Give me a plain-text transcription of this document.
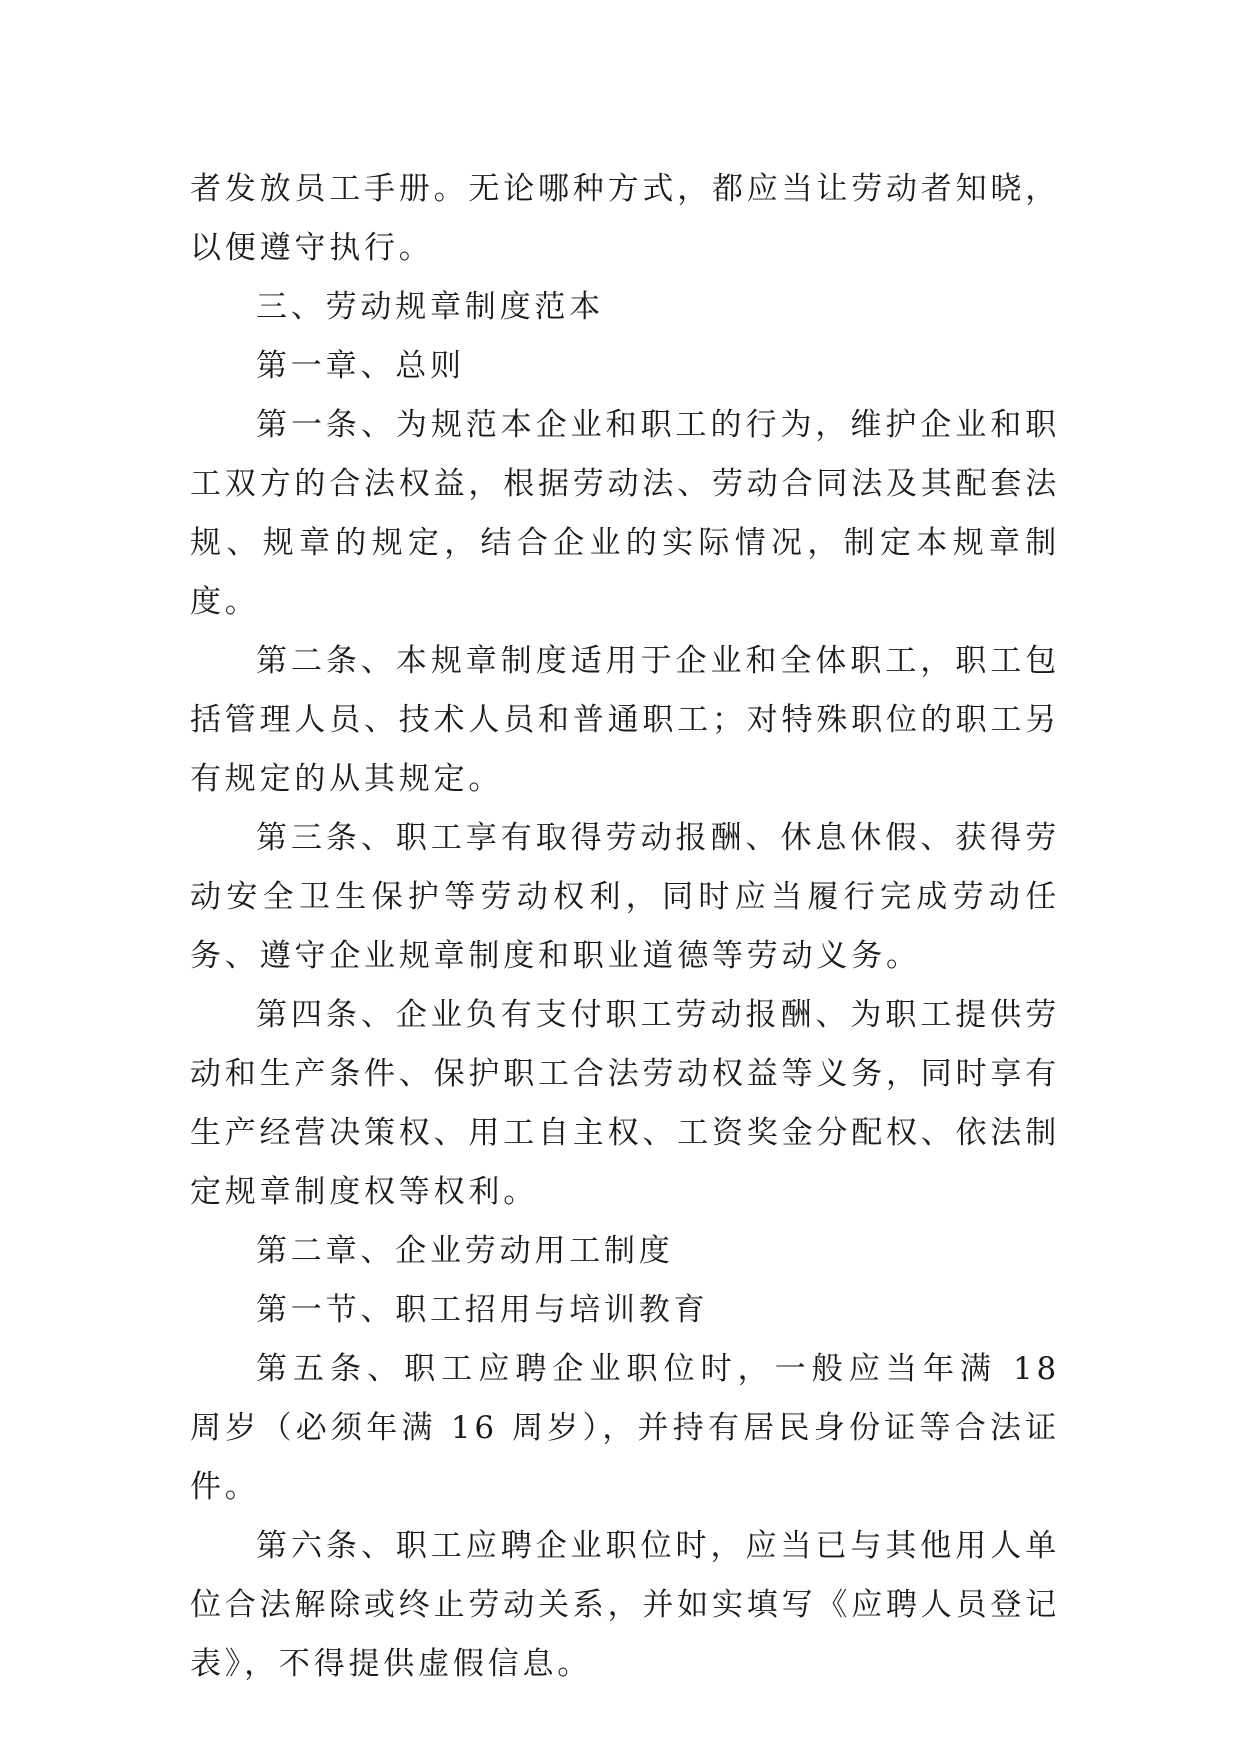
者发放员工手册。无论哪种方式，都应当让劳动者知晓，以便遵守执行。

三、劳动规章制度范本

第一章、总则

第一条、为规范本企业和职工的行为，维护企业和职工双方的合法权益，根据劳动法、劳动合同法及其配套法规、规章的规定，结合企业的实际情况，制定本规章制度。

第二条、本规章制度适用于企业和全体职工，职工包括管理人员、技术人员和普通职工；对特殊职位的职工另有规定的从其规定。

第三条、职工享有取得劳动报酬、休息休假、获得劳动安全卫生保护等劳动权利，同时应当履行完成劳动任务、遵守企业规章制度和职业道德等劳动义务。

第四条、企业负有支付职工劳动报酬、为职工提供劳动和生产条件、保护职工合法劳动权益等义务，同时享有生产经营决策权、用工自主权、工资奖金分配权、依法制定规章制度权等权利。

第二章、企业劳动用工制度

第一节、职工招用与培训教育

第五条、职工应聘企业职位时，一般应当年满 18 周岁（必须年满 16 周岁），并持有居民身份证等合法证件。

第六条、职工应聘企业职位时，应当已与其他用人单位合法解除或终止劳动关系，并如实填写《应聘人员登记表》，不得提供虚假信息。
